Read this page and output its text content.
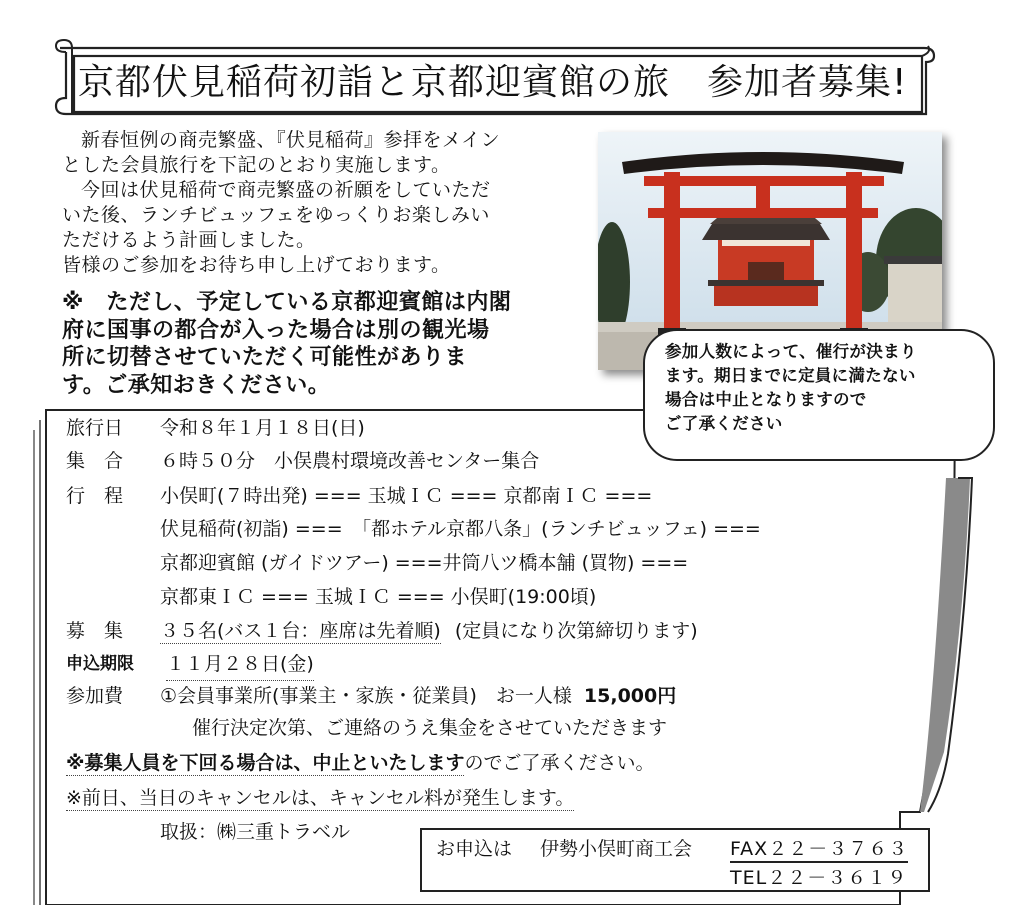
京都伏見稲荷初詣と京都迎賓館の旅　参加者募集!

新春恒例の商売繁盛、『伏見稲荷』参拝をメイン

とした会員旅行を下記のとおり実施します。

今回は伏見稲荷で商売繁盛の祈願をしていただ

いた後、ランチビュッフェをゆっくりお楽しみい

ただけるよう計画しました。

皆様のご参加をお待ち申し上げております。

※　ただし、予定している京都迎賓館は内閣
府に国事の都合が入った場合は別の観光場
所に切替させていただく可能性がありま
す。ご承知おきください。

参加人数によって、催行が決まり

ます。期日までに定員に満たない

場合は中止となりますので

ご了承ください

旅行日	令和８年１月１８日(日)
集　合	６時５０分　小俣農村環境改善センター集合
行　程	小俣町(７時出発) === 玉城ＩＣ === 京都南ＩＣ ===
伏見稲荷(初詣) ===　「都ホテル京都八条」(ランチビュッフェ) ===
京都迎賓館 (ガイドツアー) ===井筒八ツ橋本舗 (買物) ===
京都東ＩＣ === 玉城ＩＣ === 小俣町(19:00頃)
募　集	３５名(バス１台：座席は先着順) (定員になり次第締切ります)
申込期限	１１月２８日(金)
参加費	①会員事業所(事業主・家族・従業員)　お一人様 15,000円
催行決定次第、ご連絡のうえ集金をさせていただきます
※募集人員を下回る場合は、中止といたしますのでご了承ください。
※前日、当日のキャンセルは、キャンセル料が発生します。
取扱：㈱三重トラベル
お申込は 伊勢小俣町商工会 FAX２２－３７６３
TEL２２－３６１９
